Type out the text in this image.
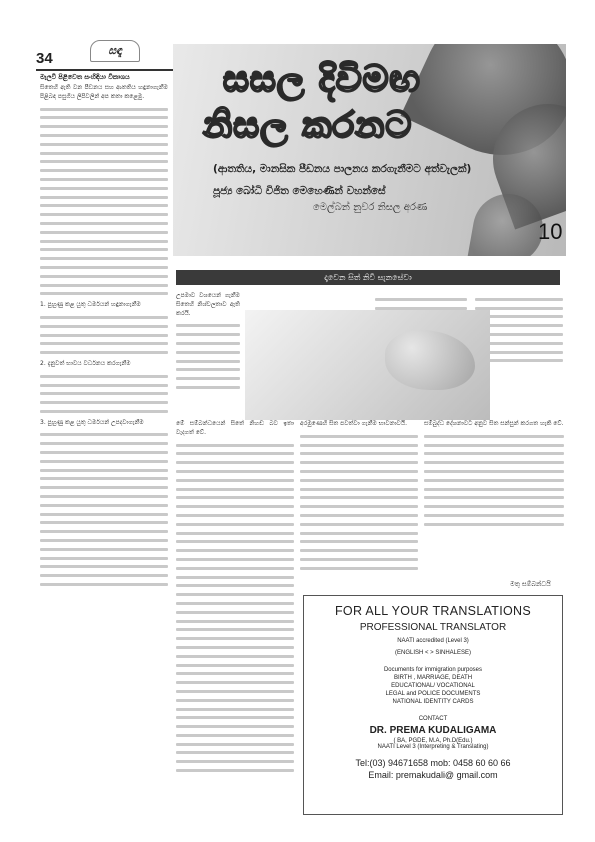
34	සඳෑ
මැලවී පිළිවෙත සංහිඳියා විකාශය	සසල දිවිමඟ
නිසල කරනට
(ආතතිය, මානසික පීඩනය පාලනය කරගැනීමට අත්වැලක්)
පූජ්‍ය බෝධි විජිත මෙහෙණින් වහන්සේ
මෙල්බන් නුවර නිසල අරණ
10
දෑවෙන සිත් නිවී සැනසේවා

සිතෙහි ඇති වන පීඩනය සහ ආතතිය හඳුනාගැනීම පිළිබඳ පසුගිය ලිපිවලින් අප කතා කළෙමු.

1. පුහුණු කළ යුතු ධර්මයන් හඳුනාගැනීම

2. දැනුවත් භාවය වර්ධනය කරගැනීම

3. පුහුණු කළ යුතු ධර්මයන් උපදවාගැනීම

උපමාව වශයෙන් ගැනීම සිතෙහි නිශ්චලතාව ඇති කරයි.

මේ සම්බන්ධයෙන් සිතේ නිහඬ බව ඉතා වැදගත් වේ.

අරමුණෙහි සිත පවත්වා ගැනීම භාවනාවයි.	සම්බුද්ධ දේශනාවට අනුව සිත සන්සුන් කරගත හැකි වේ.

මතු සම්බන්ධයි
FOR ALL YOUR TRANSLATIONS
PROFESSIONAL TRANSLATOR
NAATI accredited (Level 3)
(ENGLISH < > SINHALESE)
Documents for immigration purposes
BIRTH , MARRIAGE, DEATH
EDUCATIONAL/ VOCATIONAL
LEGAL and POLICE DOCUMENTS
NATIONAL IDENTITY CARDS
CONTACT
DR. PREMA KUDALIGAMA
( BA, PGDE, M.A, Ph.D(Edu.)
NAATI Level 3 (Interpreting & Translating)
Tel:(03) 94671658 mob: 0458 60 60 66
Email: premakudali@ gmail.com
